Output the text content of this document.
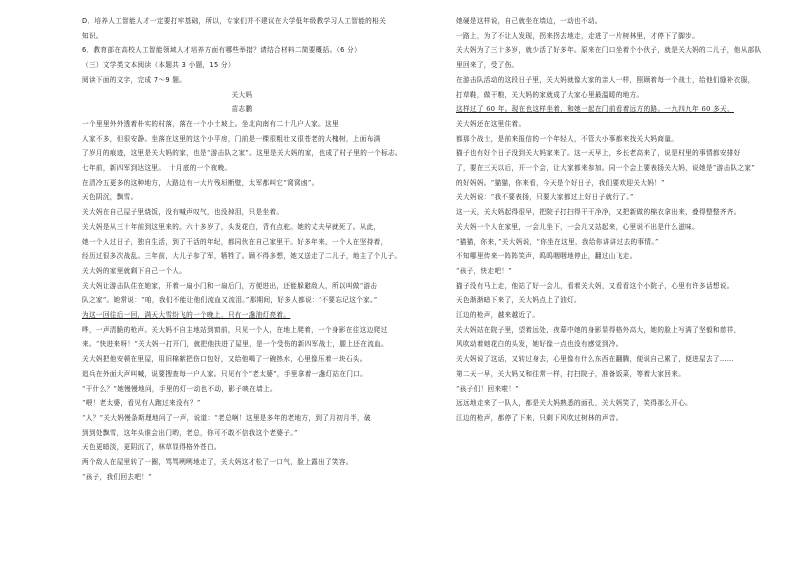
D．培养人工智能人才一定要打牢基础，所以，专家们并不建议在大学低年级教学习人工智能的相关

知识。

6．教育部在高校人工智能领域人才培养方面有哪些举措？请结合材料二简要概括。（6 分）

（三）文学类文本阅读（本题共 3 小题，15 分）

阅读下面的文字，完成 7～9 题。

关大妈

苗志鹏

一个里里外外透着朴实的村落，落在一个小土坡上。坐北向南有二十几户人家。这里

人家不多，但很安静。坐落在这里的这个小平房，门前是一棵很粗壮又很苍老的大槐树，上面布满

了岁月的痕迹，这里是关大妈的家，也是“游击队之家”。这里是关大妈的家，也成了村子里的一个标志。

七年前，新四军到达这里。　十月底的一个夜晚。

在清冷五更多的这种地方，大路边有一大片残垣断壁，太军都叫它“窝窝凼”。

天色阴沉，飘雪。

关大妈在自己屋子里烧饭，没有喊声叹气，也没掉泪，只是坐着。

关大妈是从三十年前到这里来的。六十多岁了，头发花白，背有点驼。她的丈夫早就死了。从此，

她一个人过日子，独自生活，到了干活的年纪，都同伙在自己家里干。好多年来，一个人在坚持着，

经历过很多次战乱。三年前，大儿子参了军，牺牲了。顾不得多想，她又送走了二儿子，地主了个儿子。

关大妈的家里就剩下自己一个人。

关大妈让游击队住在她家，开着一扇小门和一扇后门，方便进出，还能躲避敌人，所以叫做“游击

队之家”。她常说：“咱，我们不能让他们流血又流泪。”那期间，好多人都说：‘不要忘记这个家。”

为这一回往后一回，满天大雪纷飞的一个晚上，只有一盏油灯亮着。

哗，一声清脆的枪声。关大妈不自主地站到窗前，只见一个人，在地上爬着，一个身影在往这边爬过

来。“快进来呀！”关大妈一打开门，就把他扶进了屋里，是一个受伤的新四军战士，腿上还在流血。

关大妈把他安顿在里屋，用旧棉絮把伤口包好，又给他喝了一碗热水，心里像压着一块石头。

追兵在外面大声叫喊，说要搜查每一户人家。只见有个“老太婆”，手里拿着一盏灯站在门口。

“干什么？”她慢慢地问，手里的灯一动也不动，影子映在墙上。

“喂！老太婆，看见有人跑过来没有？”

“人？”关大妈慢条斯理地问了一声，说道：“老总啊！这里是多年的老地方，到了月初月半，破

到到处飘雪，这年头谁会出门哟，老总，你可不敢不信我这个老婆子。”

天色更暗淡，更阴沉了，林草显得格外苍白。

两个敌人在屋里转了一圈，骂骂咧咧地走了，关大妈这才松了一口气，脸上露出了笑容。

“孩子，我们回去吧！”

她硬是这样说，自己就坐在墙边，一动也不动。

一路上，为了不让人发现，拐来拐去地走，走进了一片树林里，才停下了脚步。

关大妈为了三十多岁，就少活了好多年。原来在门口坐着个小伙子，就是关大妈的二儿子，他从部队

里回来了，受了伤。

在游击队活动的这段日子里，关大妈就像大家的亲人一样，照顾着每一个战士，给他们缝补衣服，

打草鞋，做干粮，关大妈的家就成了大家心里最温暖的地方。

这样过了 60 年。现在也这样坐着，和她一起在门前看着远方的路。一九四九年 60 多天，

关大妈还在这里住着。

都那个战士，是前来报信的一个年轻人，不管大小事都来找关大妈商量。

猫子也有好个日子没到关大妈家来了。这一天早上，乡长老高来了，说是村里的事情都安排好

了，要在三天以后，开一个会，让大家都来参加。同一个会上要表扬关大妈，说她是“游击队之家”

的好妈妈。“猫猫，你来看，今天是个好日子，我们要欢迎关大妈！”

关大妈说：“我不要表扬，只要大家都过上好日子就行了。”

这一天，关大妈起得很早，把院子打扫得干干净净，又把新做的棉衣拿出来，叠得整整齐齐。

关大妈一个人在家里，一会儿坐下，一会儿又站起来，心里说不出是什么滋味。

“猫猫，你来，”关大妈说，“你坐在这里，我给你讲讲过去的事情。”

不知哪里传来一阵阵笑声，呜呜咽咽地停止，翻过山飞走。

“孩子，快走吧！”

猫子没有马上走，他站了好一会儿，看着关大妈，又看看这个小院子，心里有许多话想说。

天色渐渐暗下来了，关大妈点上了油灯。

江边的枪声，越来越近了。

关大妈站在院子里，望着远处，夜幕中她的身影显得格外高大，她的脸上写满了坚毅和慈祥，

风吹动着她花白的头发，她好像一点也没有感觉到冷。

关大妈说了这话，又转过身去，心里像有什么东西在翻腾，便说自己累了，便进屋去了……

第二天一早，关大妈又和往常一样，打扫院子，准备饭菜，等着大家回来。

“孩子们！回来啦！”

远远地走来了一队人，都是关大妈熟悉的面孔，关大妈笑了，笑得那么开心。

江边的枪声，都停了下来，只剩下风吹过树林的声音。
